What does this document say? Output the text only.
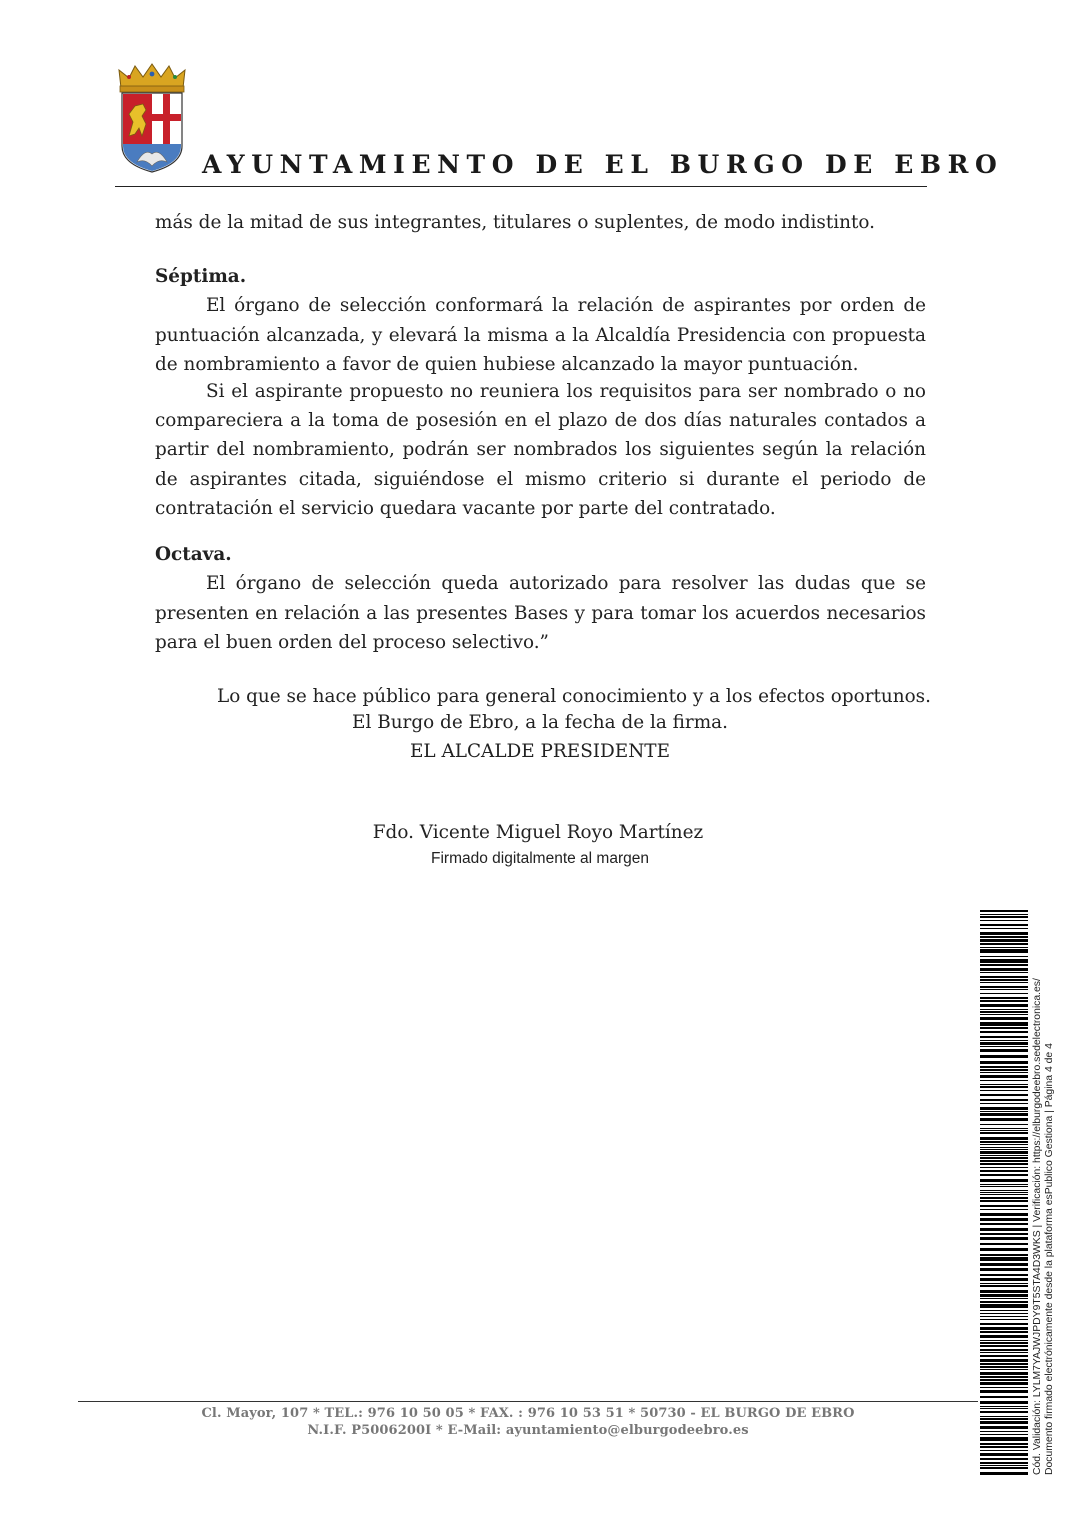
AYUNTAMIENTO DE EL BURGO DE EBRO

más de la mitad de sus integrantes, titulares o suplentes, de modo indistinto.

Séptima.

El órgano de selección conformará la relación de aspirantes por orden de puntuación alcanzada, y elevará la misma a la Alcaldía Presidencia con propuesta de nombramiento a favor de quien hubiese alcanzado la mayor puntuación.

Si el aspirante propuesto no reuniera los requisitos para ser nombrado o no compareciera a la toma de posesión en el plazo de dos días naturales contados a partir del nombramiento, podrán ser nombrados los siguientes según la relación de aspirantes citada, siguiéndose el mismo criterio si durante el periodo de contratación el servicio quedara vacante por parte del contratado.

Octava.

El órgano de selección queda autorizado para resolver las dudas que se presenten en relación a las presentes Bases y para tomar los acuerdos necesarios para el buen orden del proceso selectivo.”

Lo que se hace público para general conocimiento y a los efectos oportunos.
El Burgo de Ebro, a la fecha de la firma.
EL ALCALDE PRESIDENTE
Fdo. Vicente Miguel Royo Martínez
Firmado digitalmente al margen
Cl. Mayor, 107 * TEL.: 976 10 50 05 * FAX. : 976 10 53 51 * 50730 - EL BURGO DE EBRO
N.I.F. P5006200I * E-Mail: ayuntamiento@elburgodeebro.es	Cód. Validación: LYLM7YAJWJPDY9T5STA4D3WKS | Verificación: https://elburgodeebro.sedelectronica.es/ Documento firmado electrónicamente desde la plataforma esPublico Gestiona | Página 4 de 4
